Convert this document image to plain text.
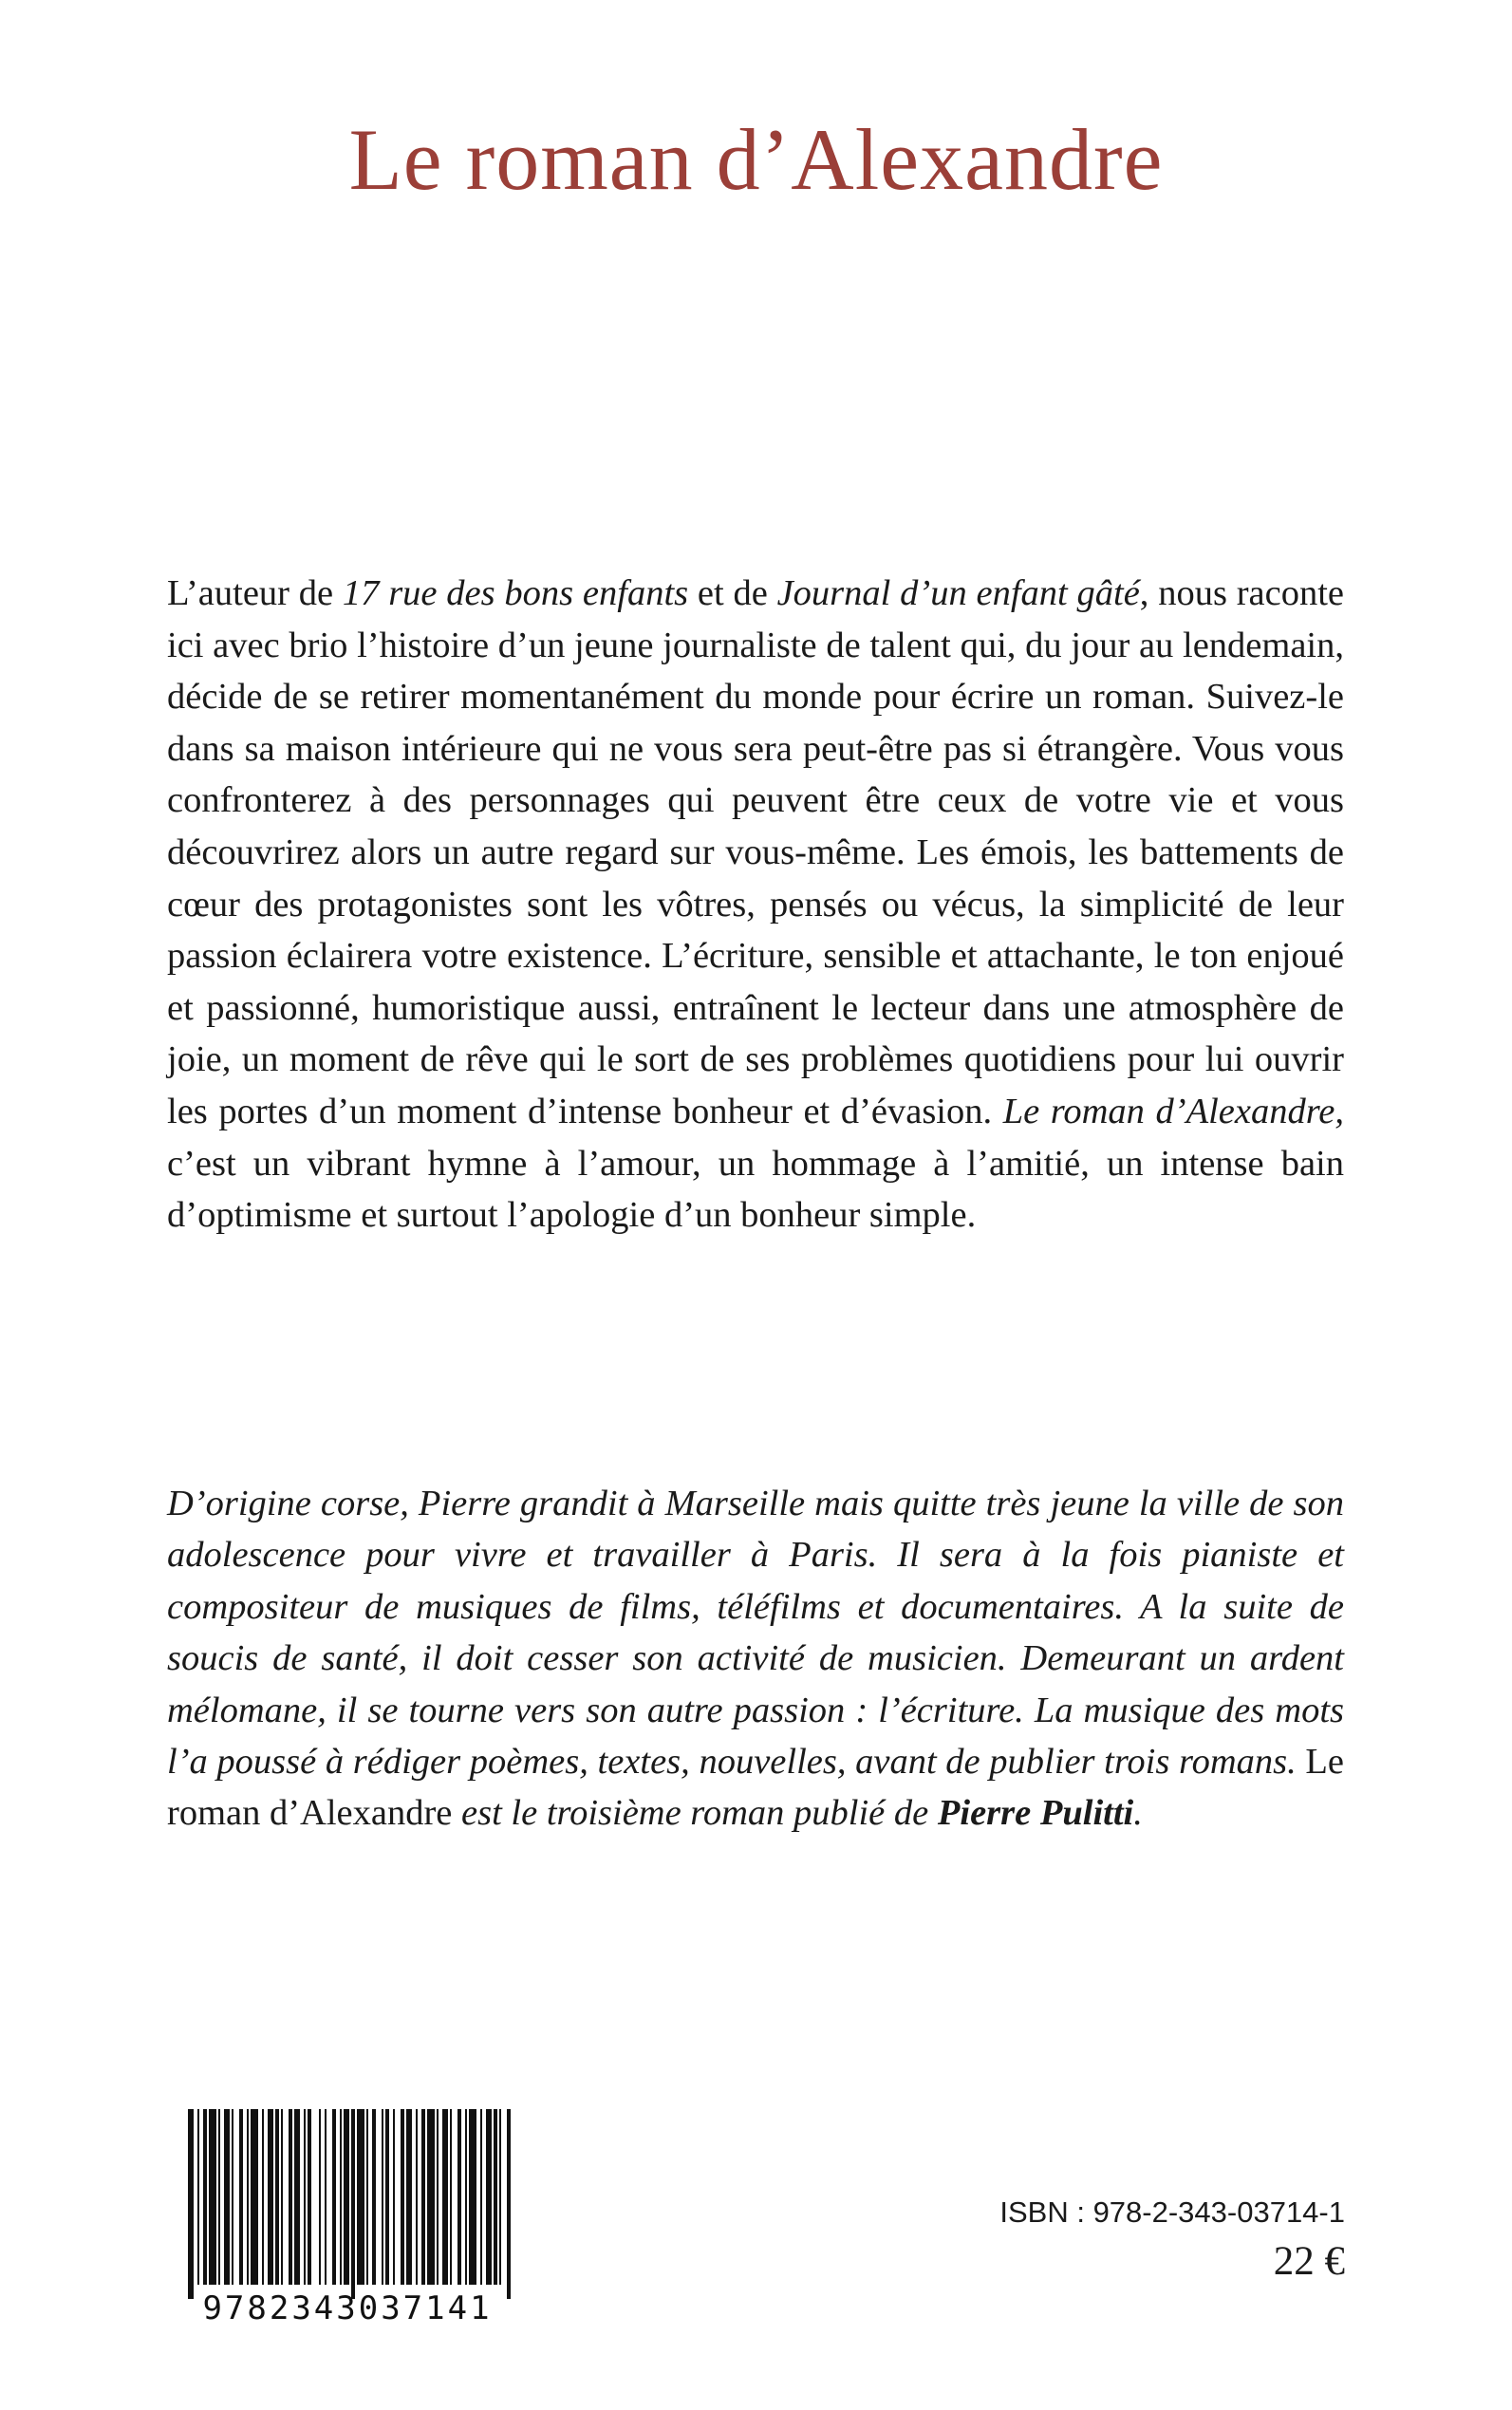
Le roman d’Alexandre
L’auteur de 17 rue des bons enfants et de Journal d’un enfant gâté, nous raconte ici avec brio l’histoire d’un jeune journaliste de talent qui, du jour au lendemain, décide de se retirer momentanément du monde pour écrire un roman. Suivez-le dans sa maison intérieure qui ne vous sera peut-être pas si étrangère. Vous vous confronterez à des personnages qui peuvent être ceux de votre vie et vous découvrirez alors un autre regard sur vous-même. Les émois, les battements de cœur des protagonistes sont les vôtres, pensés ou vécus, la simplicité de leur passion éclairera votre existence. L’écriture, sensible et attachante, le ton enjoué et passionné, humoristique aussi, entraînent le lecteur dans une atmosphère de joie, un moment de rêve qui le sort de ses problèmes quotidiens pour lui ouvrir les portes d’un moment d’intense bonheur et d’évasion. Le roman d’Alexandre, c’est un vibrant hymne à l’amour, un hommage à l’amitié, un intense bain d’optimisme et surtout l’apologie d’un bonheur simple.
D’origine corse, Pierre grandit à Marseille mais quitte très jeune la ville de son adolescence pour vivre et travailler à Paris. Il sera à la fois pianiste et compositeur de musiques de films, téléfilms et documentaires. A la suite de soucis de santé, il doit cesser son activité de musicien. Demeurant un ardent mélomane, il se tourne vers son autre passion : l’écriture. La musique des mots l’a poussé à rédiger poèmes, textes, nouvelles, avant de publier trois romans. Le roman d’Alexandre est le troisième roman publié de Pierre Pulitti.
9782343037141
ISBN : 978-2-343-03714-1
22 €
